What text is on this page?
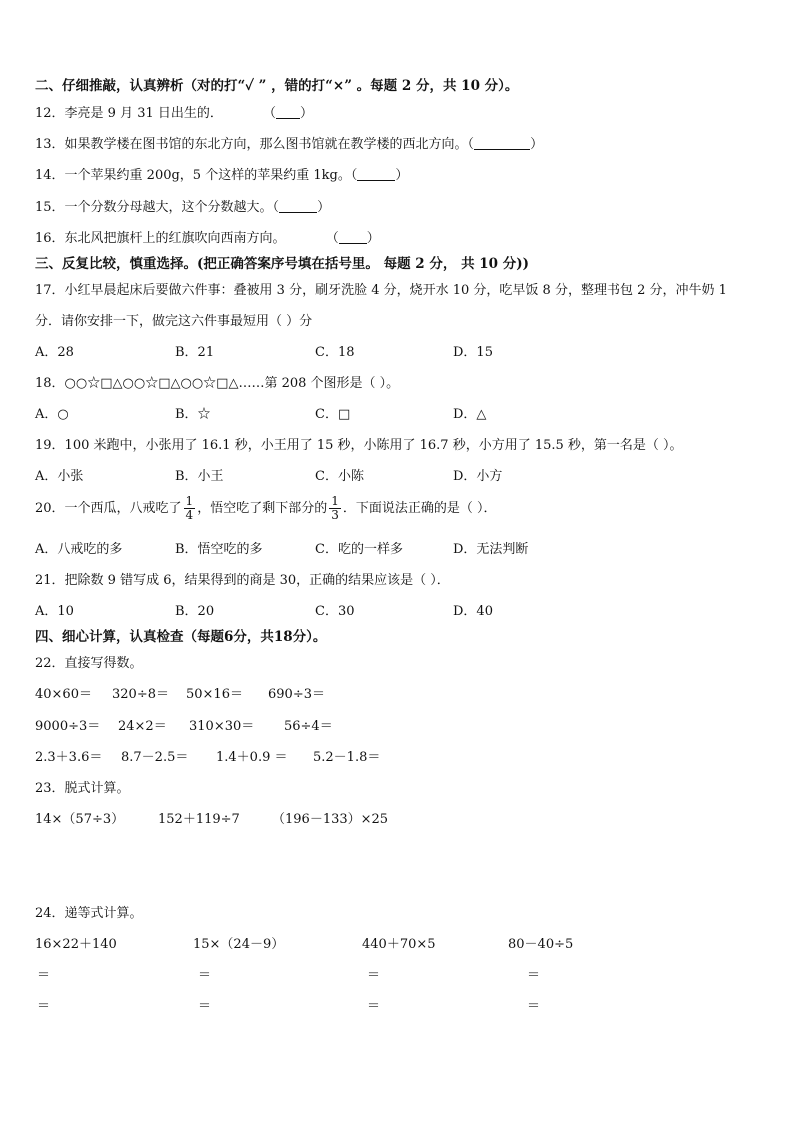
二、仔细推敲，认真辨析（对的打“✓ ” ，错的打“×” 。每题 2 分，共 10 分）。
12．李亮是 9 月 31 日出生的．	（ ）
13．如果教学楼在图书馆的东北方向，那么图书馆就在教学楼的西北方向。（	）
14．一个苹果约重 200g，5 个这样的苹果约重 1kg。（	）
15．一个分数分母越大，这个分数越大。（	）
16．东北风把旗杆上的红旗吹向西南方向。	（ ）
三、反复比较，慎重选择。(把正确答案序号填在括号里。 每题 2 分， 共 10 分))
17．小红早晨起床后要做六件事：叠被用 3 分，刷牙洗脸 4 分，烧开水 10 分，吃早饭 8 分，整理书包 2 分，冲牛奶 1
分．请你安排一下，做完这六件事最短用（ ）分
A．28	B．21	C．18	D．15
18．○○☆□△○○☆□△○○☆□△……第 208 个图形是（ ）。
A．○	B．☆	C．□	D．△
19．100 米跑中，小张用了 16.1 秒，小王用了 15 秒，小陈用了 16.7 秒，小方用了 15.5 秒，第一名是（ ）。
A．小张	B．小王	C．小陈	D．小方
20．一个西瓜，八戒吃了 $\frac{1}{4}$ ，悟空吃了剩下部分的 $\frac{1}{3}$ ．下面说法正确的是（ ）．
A．八戒吃的多	B．悟空吃的多	C．吃的一样多	D．无法判断
21．把除数 9 错写成 6，结果得到的商是 30，正确的结果应该是（ ）．
A．10	B．20	C．30	D．40
四、细心计算，认真检查（每题6分，共18分）。
22．直接写得数。
40×60＝ 320÷8＝ 50×16＝ 690÷3＝
9000÷3＝ 24×2＝ 310×30＝ 56÷4＝
2.3＋3.6＝ 8.7－2.5＝ 1.4＋0.9 ＝ 5.2－1.8＝
23．脱式计算。
14×（57÷3）	152＋119÷7 （196－133）×25
24．递等式计算。
16×22＋140	15×（24－9）	440＋70×5	80－40÷5
＝	＝	＝	＝
＝	＝	＝	＝
